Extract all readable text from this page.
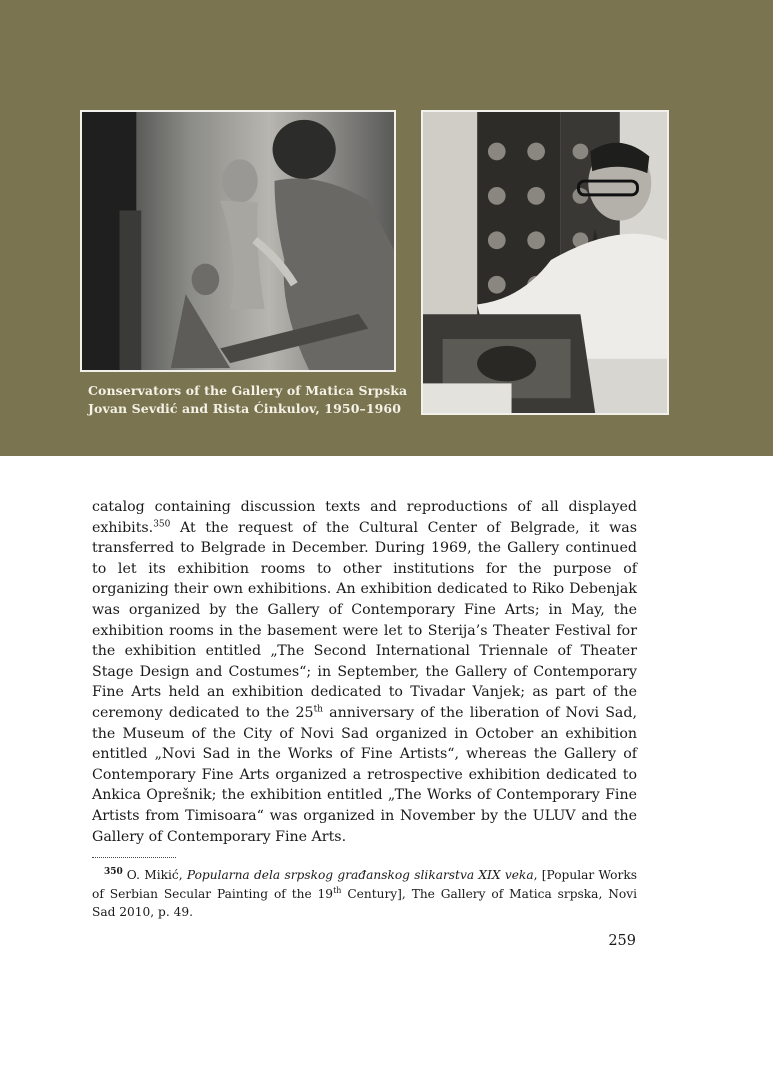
Conservators of the Gallery of Matica Srpska
Jovan Sevdić and Rista Ćinkulov, 1950–1960
catalog containing discussion texts and reproductions of all displayed exhibits.$^{350}$ At the request of the Cultural Center of Belgrade, it was transferred to Belgrade in December. During 1969, the Gallery continued to let its exhibition rooms to other institutions for the purpose of organizing their own exhibitions. An exhibition dedicated to Riko Debenjak was organized by the Gallery of Contemporary Fine Arts; in May, the exhibition rooms in the basement were let to Sterija’s Theater Festival for the exhibition entitled „The Second International Triennale of Theater Stage Design and Costumes“; in September, the Gallery of Contemporary Fine Arts held an exhibition dedicated to Tivadar Vanjek; as part of the ceremony dedicated to the 25th anniversary of the liberation of Novi Sad, the Museum of the City of Novi Sad organized in October an exhibition entitled „Novi Sad in the Works of Fine Artists“, whereas the Gallery of Contemporary Fine Arts organized a retrospective exhibition dedicated to Ankica Oprešnik; the exhibition entitled „The Works of Contemporary Fine Artists from Timisoara“ was organized in November by the ULUV and the Gallery of Contemporary Fine Arts.
$^{350}$ O. Mikić, Popularna dela srpskog građanskog slikarstva XIX veka, [Popular Works of Serbian Secular Painting of the 19th Century], The Gallery of Matica srpska, Novi Sad 2010, p. 49.
259
